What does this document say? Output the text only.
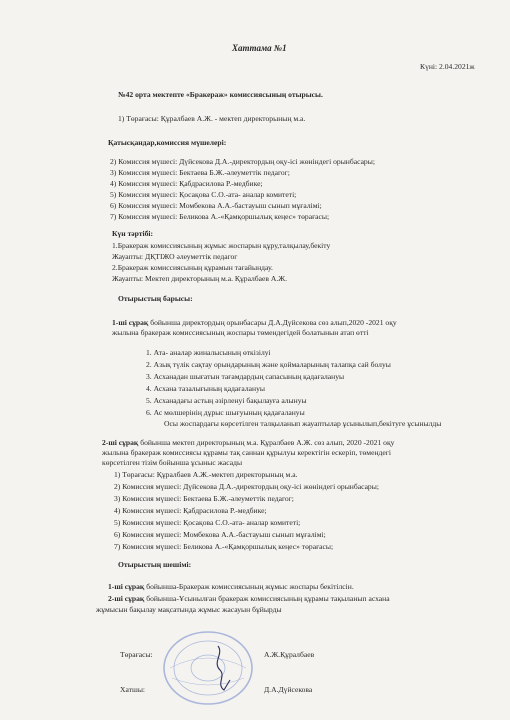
Хаттама №1
Күні: 2.04.2021ж
№42 орта мектепте «Бракераж» комиссиясының отырысы.
1) Төрағасы: Құралбаев А.Ж. - мектеп директорының м.а.
Қатысқандар,комиссия мүшелері:
2) Комиссия мүшесі: Дүйсекова Д.А.-директордың оқу-ісі жөніндегі орынбасары;
3) Комиссия мүшесі: Бектаева Б.Ж.-әлеуметтік педагог;
4) Комиссия мүшесі: Қабдрасилова Р.-медбике;
5) Комиссия мүшесі: Қосақова С.О.-ата- аналар комитеті;
6) Комиссия мүшесі: Момбекова А.А.-бастауыш сынып мұғалімі;
7) Комиссия мүшесі: Беликова А.-«Қамқоршылық кеңес» төрағасы;
Күн тәртібі:
1.Бракераж комиссиясының жұмыс жоспарын құру,талқылау,бекіту
Жауапты: ДҚТІЖО әлеуметтік педагог
2.Бракераж комиссиясының құрамын тағайындау.
Жауапты: Мектеп директорының м.а. Құралбаев А.Ж.
Отырыстың барысы:
1-ші сұрақ бойынша директордың орынбасары Д.А.Дүйсекова сөз алып,2020 -2021 оқу
жылына бракераж комиссиясының жоспары төмендегідей болатынын атап өтті
1. Ата- аналар жиналысының өткізілуі
2. Азық түлік сақтау орындарының және қоймаларының талапқа сай болуы
3. Асханадан шығатын тағамдардың сапасының қадағалануы
4. Асхана тазалығының қадағалануы
5. Асханадағы астың әзірленуі бақылауға алынуы
6. Ас мөлшерінің дұрыс шығуының қадағалануы
Осы жоспардағы көрсетілген талқыланып жауаптылар ұсынылып,бекітуге ұсынылды
2-ші сұрақ бойынша мектеп директорының м.а. Құралбаев А.Ж. сөз алып, 2020 -2021 оқу
жылына бракераж комиссиясы құрамы тақ саннан құрылуы керектігін ескеріп, төмендегі
көрсетілген тізім бойынша ұсыныс жасады
1) Төрағасы: Құралбаев А.Ж.-мектеп директорының м.а.
2) Комиссия мүшесі: Дүйсекова Д.А.-директордың оқу-ісі жөніндегі орынбасары;
3) Комиссия мүшесі: Бектаева Б.Ж.-әлеуметтік педагог;
4) Комиссия мүшесі: Қабдрасилова Р.-медбике;
5) Комиссия мүшесі: Қосақова С.О.-ата- аналар комитеті;
6) Комиссия мүшесі: Момбекова А.А.-бастауыш сынып мұғалімі;
7) Комиссия мүшесі: Беликова А.-«Қамқоршылық кеңес» төрағасы;
Отырыстың шешімі:
1-ші сұрақ бойынша-Бракераж комиссиясының жұмыс жоспары бекітілсін.
2-ші сұрақ бойынша-Ұсынылған бракераж комиссиясының құрамы тақыланып асхана
жұмысын бақылау мақсатында жұмыс жасауын бұйырды
Төрағасы:	А.Ж.Құралбаев
Хатшы:	Д.А.Дүйсекова
